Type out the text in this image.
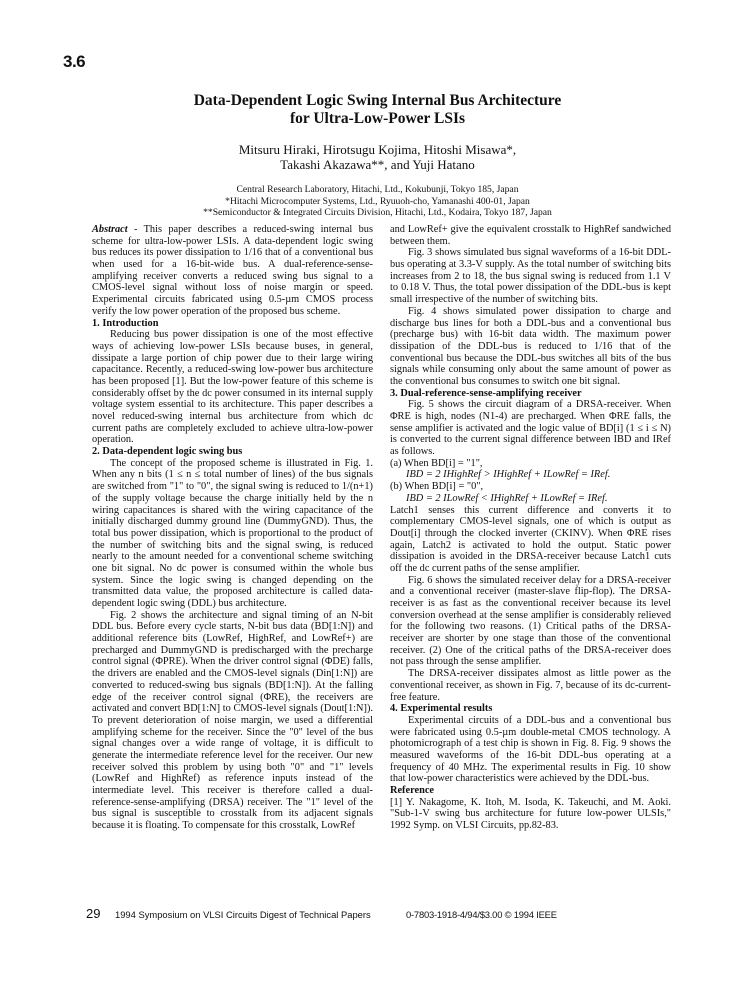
3.6
Data-Dependent Logic Swing Internal Bus Architecture
for Ultra-Low-Power LSIs
Mitsuru Hiraki, Hirotsugu Kojima, Hitoshi Misawa*,
Takashi Akazawa**, and Yuji Hatano
Central Research Laboratory, Hitachi, Ltd., Kokubunji, Tokyo 185, Japan
*Hitachi Microcomputer Systems, Ltd., Ryuuoh-cho, Yamanashi 400-01, Japan
**Semiconductor & Integrated Circuits Division, Hitachi, Ltd., Kodaira, Tokyo 187, Japan

Abstract - This paper describes a reduced-swing internal bus scheme for ultra-low-power LSIs. A data-dependent logic swing bus reduces its power dissipation to 1/16 that of a conventional bus when used for a 16-bit-wide bus. A dual-reference-sense-amplifying receiver converts a reduced swing bus signal to a CMOS-level signal without loss of noise margin or speed. Experimental circuits fabricated using 0.5-µm CMOS process verify the low power operation of the proposed bus scheme.

1. Introduction

Reducing bus power dissipation is one of the most effective ways of achieving low-power LSIs because buses, in general, dissipate a large portion of chip power due to their large wiring capacitance. Recently, a reduced-swing low-power bus architecture has been proposed [1]. But the low-power feature of this scheme is considerably offset by the dc power consumed in its internal supply voltage system essential to its architecture. This paper describes a novel reduced-swing internal bus architecture from which dc current paths are completely excluded to achieve ultra-low-power operation.

2. Data-dependent logic swing bus

The concept of the proposed scheme is illustrated in Fig. 1. When any n bits (1 ≤ n ≤ total number of lines) of the bus signals are switched from "1" to "0", the signal swing is reduced to 1/(n+1) of the supply voltage because the charge initially held by the n wiring capacitances is shared with the wiring capacitance of the initially discharged dummy ground line (DummyGND). Thus, the total bus power dissipation, which is proportional to the product of the number of switching bits and the signal swing, is reduced nearly to the amount needed for a conventional scheme switching one bit signal. No dc power is consumed within the whole bus system. Since the logic swing is changed depending on the transmitted data value, the proposed architecture is called data-dependent logic swing (DDL) bus architecture.

Fig. 2 shows the architecture and signal timing of an N-bit DDL bus. Before every cycle starts, N-bit bus data (BD[1:N]) and additional reference bits (LowRef, HighRef, and LowRef+) are precharged and DummyGND is predischarged with the precharge control signal (ΦPRE). When the driver control signal (ΦDE) falls, the drivers are enabled and the CMOS-level signals (Din[1:N]) are converted to reduced-swing bus signals (BD[1:N]). At the falling edge of the receiver control signal (ΦRE), the receivers are activated and convert BD[1:N] to CMOS-level signals (Dout[1:N]). To prevent deterioration of noise margin, we used a differential amplifying scheme for the receiver. Since the "0" level of the bus signal changes over a wide range of voltage, it is difficult to generate the intermediate reference level for the receiver. Our new receiver solved this problem by using both "0" and "1" levels (LowRef and HighRef) as reference inputs instead of the intermediate level. This receiver is therefore called a dual-reference-sense-amplifying (DRSA) receiver. The "1" level of the bus signal is susceptible to crosstalk from its adjacent signals because it is floating. To compensate for this crosstalk, LowRef

and LowRef+ give the equivalent crosstalk to HighRef sandwiched between them.

Fig. 3 shows simulated bus signal waveforms of a 16-bit DDL-bus operating at 3.3-V supply. As the total number of switching bits increases from 2 to 18, the bus signal swing is reduced from 1.1 V to 0.18 V. Thus, the total power dissipation of the DDL-bus is kept small irrespective of the number of switching bits.

Fig. 4 shows simulated power dissipation to charge and discharge bus lines for both a DDL-bus and a conventional bus (precharge bus) with 16-bit data width. The maximum power dissipation of the DDL-bus is reduced to 1/16 that of the conventional bus because the DDL-bus switches all bits of the bus signals while consuming only about the same amount of power as the conventional bus consumes to switch one bit signal.

3. Dual-reference-sense-amplifying receiver

Fig. 5 shows the circuit diagram of a DRSA-receiver. When ΦRE is high, nodes (N1-4) are precharged. When ΦRE falls, the sense amplifier is activated and the logic value of BD[i] (1 ≤ i ≤ N) is converted to the current signal difference between IBD and IRef as follows.

(a) When BD[i] = "1",

IBD = 2 IHighRef > IHighRef + ILowRef = IRef.

(b) When BD[i] = "0",

IBD = 2 ILowRef < IHighRef + ILowRef = IRef.

Latch1 senses this current difference and converts it to complementary CMOS-level signals, one of which is output as Dout[i] through the clocked inverter (CKINV). When ΦRE rises again, Latch2 is activated to hold the output. Static power dissipation is avoided in the DRSA-receiver because Latch1 cuts off the dc current paths of the sense amplifier.

Fig. 6 shows the simulated receiver delay for a DRSA-receiver and a conventional receiver (master-slave flip-flop). The DRSA-receiver is as fast as the conventional receiver because its level conversion overhead at the sense amplifier is considerably relieved for the following two reasons. (1) Critical paths of the DRSA-receiver are shorter by one stage than those of the conventional receiver. (2) One of the critical paths of the DRSA-receiver does not pass through the sense amplifier.

The DRSA-receiver dissipates almost as little power as the conventional receiver, as shown in Fig. 7, because of its dc-current-free feature.

4. Experimental results

Experimental circuits of a DDL-bus and a conventional bus were fabricated using 0.5-µm double-metal CMOS technology. A photomicrograph of a test chip is shown in Fig. 8. Fig. 9 shows the measured waveforms of the 16-bit DDL-bus operating at a frequency of 40 MHz. The experimental results in Fig. 10 show that low-power characteristics were achieved by the DDL-bus.

Reference

[1] Y. Nakagome, K. Itoh, M. Isoda, K. Takeuchi, and M. Aoki. "Sub-1-V swing bus architecture for future low-power ULSIs," 1992 Symp. on VLSI Circuits, pp.82-83.

29 1994 Symposium on VLSI Circuits Digest of Technical Papers	0-7803-1918-4/94/$3.00 © 1994 IEEE
